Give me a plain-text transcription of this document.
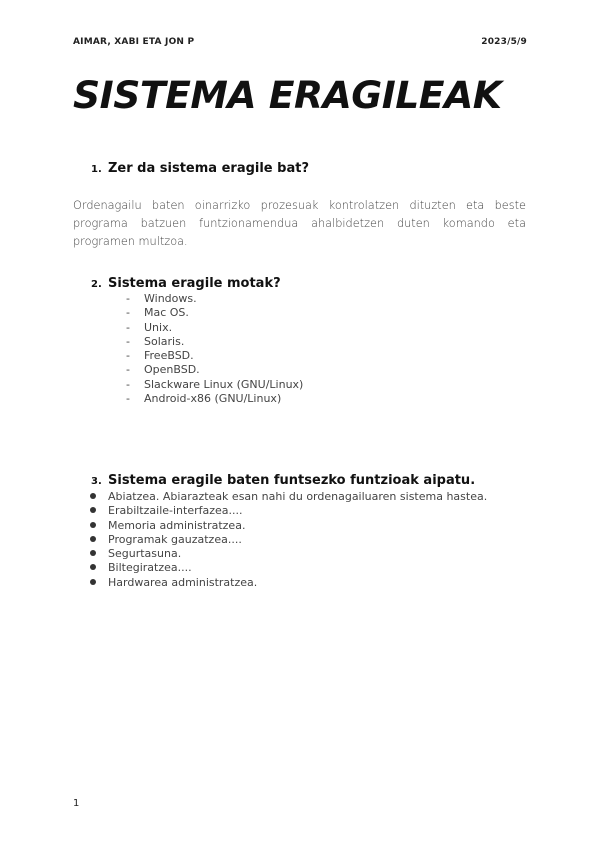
AIMAR, XABI ETA JON P	2023/5/9
SISTEMA ERAGILEAK
1. Zer da sistema eragile bat?
Ordenagailu baten oinarrizko prozesuak kontrolatzen dituzten eta beste programa batzuen funtzionamendua ahalbidetzen duten komando eta programen multzoa.
2. Sistema eragile motak?
- Windows.
- Mac OS.
- Unix.
- Solaris.
- FreeBSD.
- OpenBSD.
- Slackware Linux (GNU/Linux)
- Android-x86 (GNU/Linux)
3. Sistema eragile baten funtsezko funtzioak aipatu.
Abiatzea. Abiarazteak esan nahi du ordenagailuaren sistema hastea.
Erabiltzaile-interfazea....
Memoria administratzea.
Programak gauzatzea....
Segurtasuna.
Biltegiratzea....
Hardwarea administratzea.
1
